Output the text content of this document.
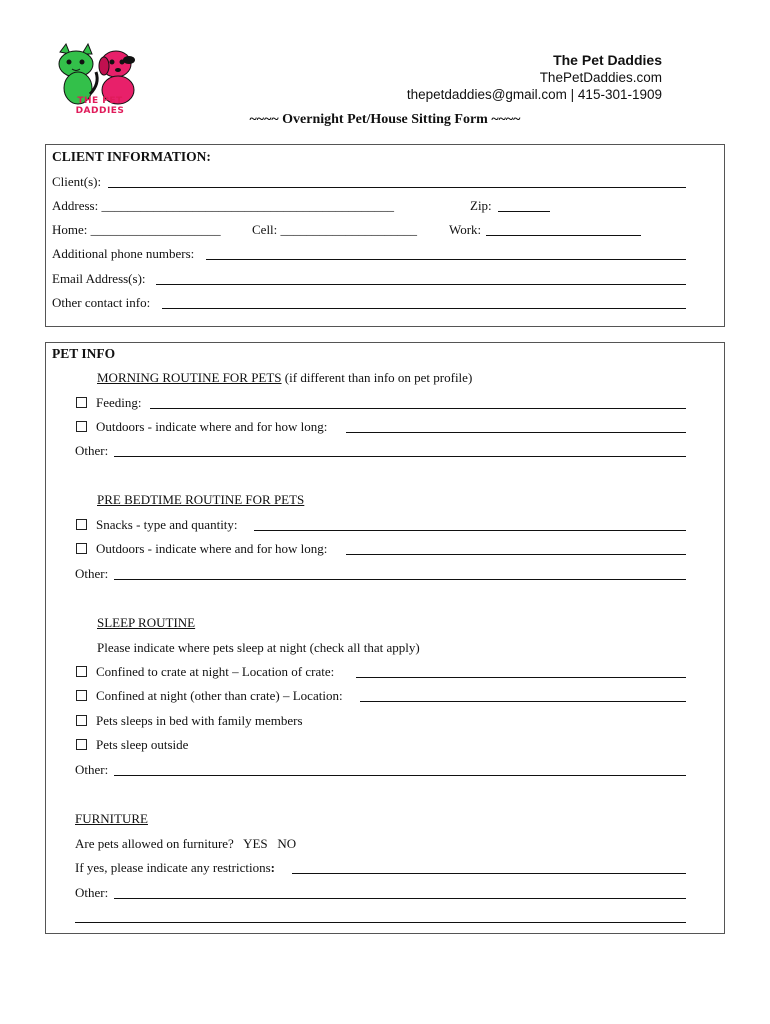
THE PET DADDIES
The Pet Daddies
ThePetDaddies.com
thepetdaddies@gmail.com | 415-301-1909
~~~~ Overnight Pet/House Sitting Form ~~~~
CLIENT INFORMATION:
Client(s):
Address: _____________________________________________	Zip:
Home: ____________________ Cell: _____________________ Work:
Additional phone numbers:
Email Address(s):
Other contact info:
PET INFO
MORNING ROUTINE FOR PETS (if different than info on pet profile)
Feeding:
Outdoors - indicate where and for how long:
Other:
PRE BEDTIME ROUTINE FOR PETS
Snacks - type and quantity:
Outdoors - indicate where and for how long:
Other:
SLEEP ROUTINE
Please indicate where pets sleep at night (check all that apply)
Confined to crate at night – Location of crate:
Confined at night (other than crate) – Location:
Pets sleeps in bed with family members
Pets sleep outside
Other:
FURNITURE
Are pets allowed on furniture?   YES   NO
If yes, please indicate any restrictions:
Other:
